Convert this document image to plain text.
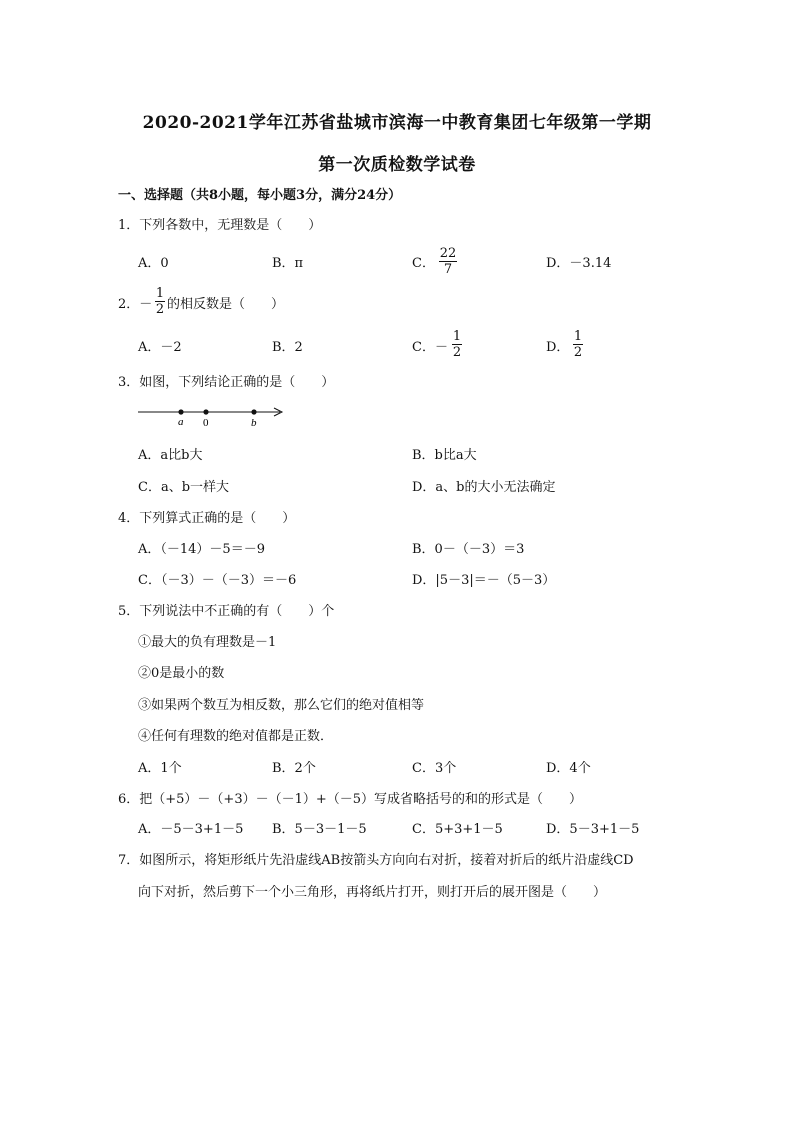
2020-2021学年江苏省盐城市滨海一中教育集团七年级第一学期
第一次质检数学试卷
一、选择题（共8小题，每小题3分，满分24分）
1．下列各数中，无理数是（　　）
A．0	B．π	C．
22
7	D．－3.14
2．－
1
2 的相反数是（　　）
A．－2	B．2	C．－
1
2	D．
1
2
3．如图，下列结论正确的是（　　）
a 0	b
A．a比b大	B．b比a大
C．a、b一样大	D．a、b的大小无法确定
4．下列算式正确的是（　　）
A．（－14）－5＝－9	B．0－（－3）＝3
C．（－3）－（－3）＝－6	D．|5－3|＝－（5－3）
5．下列说法中不正确的有（　　）个
①最大的负有理数是－1
②0是最小的数
③如果两个数互为相反数，那么它们的绝对值相等
④任何有理数的绝对值都是正数．
A．1个	B．2个	C．3个	D．4个
6．把（+5）－（+3）－（－1）+（－5）写成省略括号的和的形式是（　　）
A．－5－3+1－5 B．5－3－1－5	C．5+3+1－5	D．5－3+1－5
7．如图所示，将矩形纸片先沿虚线AB按箭头方向向右对折，接着对折后的纸片沿虚线CD
向下对折，然后剪下一个小三角形，再将纸片打开，则打开后的展开图是（　　）
